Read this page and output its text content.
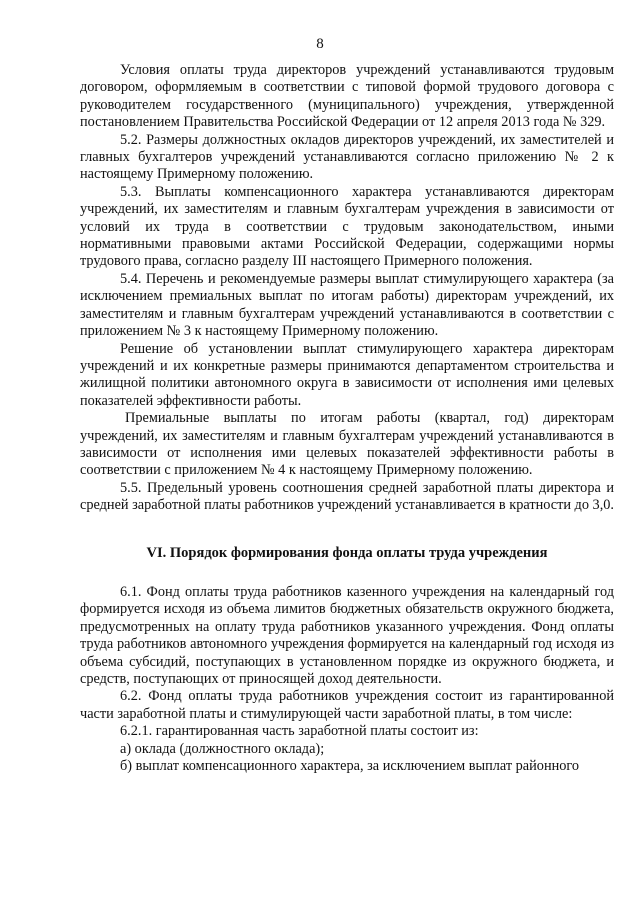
8

Условия оплаты труда директоров учреждений устанавливаются трудовым договором, оформляемым в соответствии с типовой формой трудового договора с руководителем государственного (муниципального) учреждения, утвержденной постановлением Правительства Российской Федерации от 12 апреля 2013 года № 329.

5.2. Размеры должностных окладов директоров учреждений, их заместителей и главных бухгалтеров учреждений устанавливаются согласно приложению № 2 к настоящему Примерному положению.

5.3. Выплаты компенсационного характера устанавливаются директорам учреждений, их заместителям и главным бухгалтерам учреждения в зависимости от условий их труда в соответствии с трудовым законодательством, иными нормативными правовыми актами Российской Федерации, содержащими нормы трудового права, согласно разделу III настоящего Примерного положения.

5.4. Перечень и рекомендуемые размеры выплат стимулирующего характера (за исключением премиальных выплат по итогам работы) директорам учреждений, их заместителям и главным бухгалтерам учреждений устанавливаются в соответствии с приложением № 3 к настоящему Примерному положению.

Решение об установлении выплат стимулирующего характера директорам учреждений и их конкретные размеры принимаются департаментом строительства и жилищной политики автономного округа в зависимости от исполнения ими целевых показателей эффективности работы.

Премиальные выплаты по итогам работы (квартал, год) директорам учреждений, их заместителям и главным бухгалтерам учреждений устанавливаются в зависимости от исполнения ими целевых показателей эффективности работы в соответствии с приложением № 4 к настоящему Примерному положению.

5.5. Предельный уровень соотношения средней заработной платы директора и средней заработной платы работников учреждений устанавливается в кратности до 3,0.

VI. Порядок формирования фонда оплаты труда учреждения

6.1. Фонд оплаты труда работников казенного учреждения на календарный год формируется исходя из объема лимитов бюджетных обязательств окружного бюджета, предусмотренных на оплату труда работников указанного учреждения. Фонд оплаты труда работников автономного учреждения формируется на календарный год исходя из объема субсидий, поступающих в установленном порядке из окружного бюджета, и средств, поступающих от приносящей доход деятельности.

6.2. Фонд оплаты труда работников учреждения состоит из гарантированной части заработной платы и стимулирующей части заработной платы, в том числе:

6.2.1. гарантированная часть заработной платы состоит из:

а) оклада (должностного оклада);

б) выплат компенсационного характера, за исключением выплат районного
